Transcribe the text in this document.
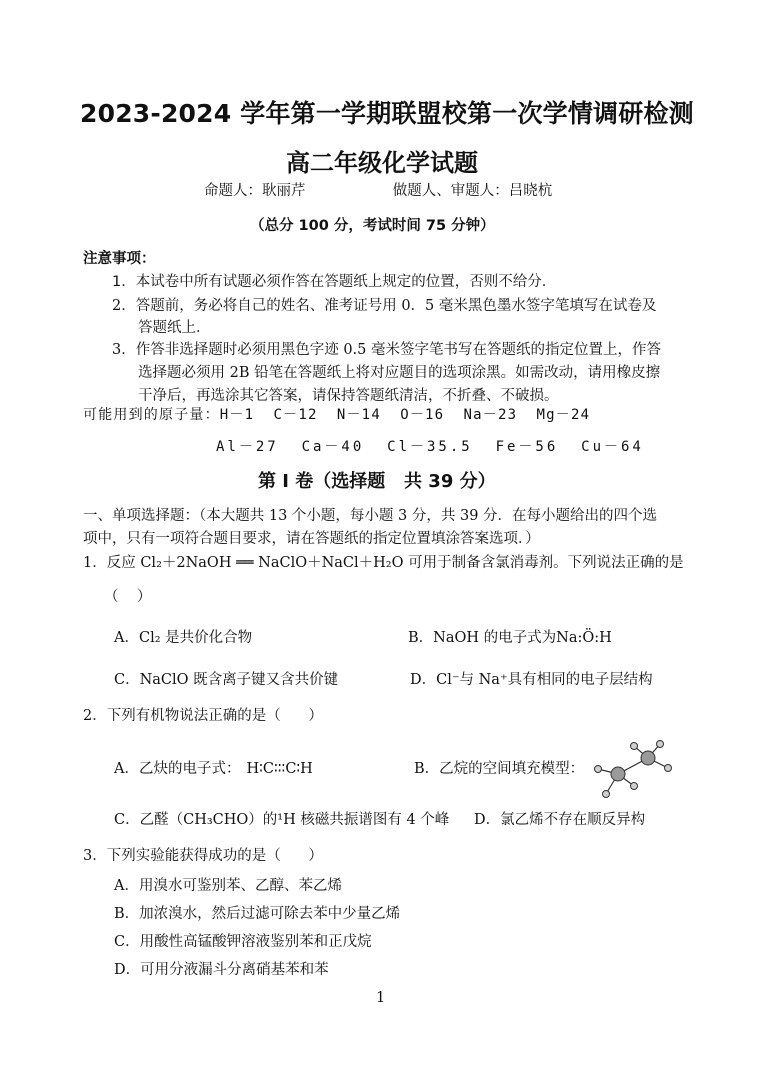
2023-2024 学年第一学期联盟校第一次学情调研检测
高二年级化学试题
命题人：耿丽芹          做题人、审题人：吕晓杭
（总分 100 分，考试时间 75 分钟）
注意事项：
1．本试卷中所有试题必须作答在答题纸上规定的位置，否则不给分．
2．答题前，务必将自己的姓名、准考证号用 0．5 毫米黑色墨水签字笔填写在试卷及
答题纸上．
3．作答非选择题时必须用黑色字迹 0.5 毫米签字笔书写在答题纸的指定位置上，作答
选择题必须用 2B 铅笔在答题纸上将对应题目的选项涂黑。如需改动，请用橡皮擦
干净后，再选涂其它答案，请保持答题纸清洁，不折叠、不破损。
可能用到的原子量：H－1  C－12  N－14  O－16  Na－23  Mg－24
Al－27  Ca－40  Cl－35.5  Fe－56  Cu－64
第 I 卷（选择题   共 39 分）
一、单项选择题：（本大题共 13 个小题，每小题 3 分，共 39 分．在每小题给出的四个选
项中，只有一项符合题目要求，请在答题纸的指定位置填涂答案选项．）
1．反应 Cl₂＋2NaOH ══ NaClO＋NaCl＋H₂O 可用于制备含氯消毒剂。下列说法正确的是
（    ）
A．Cl₂ 是共价化合物	B．NaOH 的电子式为Na:Ö:H
C．NaClO 既含离子键又含共价键	D．Cl⁻与 Na⁺具有相同的电子层结构
2．下列有机物说法正确的是（      ）
A．乙炔的电子式： H∶C∶∶∶C∶H	B．乙烷的空间填充模型：
C．乙醛（CH₃CHO）的¹H 核磁共振谱图有 4 个峰 D．氯乙烯不存在顺反异构
3．下列实验能获得成功的是（      ）
A．用溴水可鉴别苯、乙醇、苯乙烯
B．加浓溴水，然后过滤可除去苯中少量乙烯
C．用酸性高锰酸钾溶液鉴别苯和正戊烷
D．可用分液漏斗分离硝基苯和苯
1
